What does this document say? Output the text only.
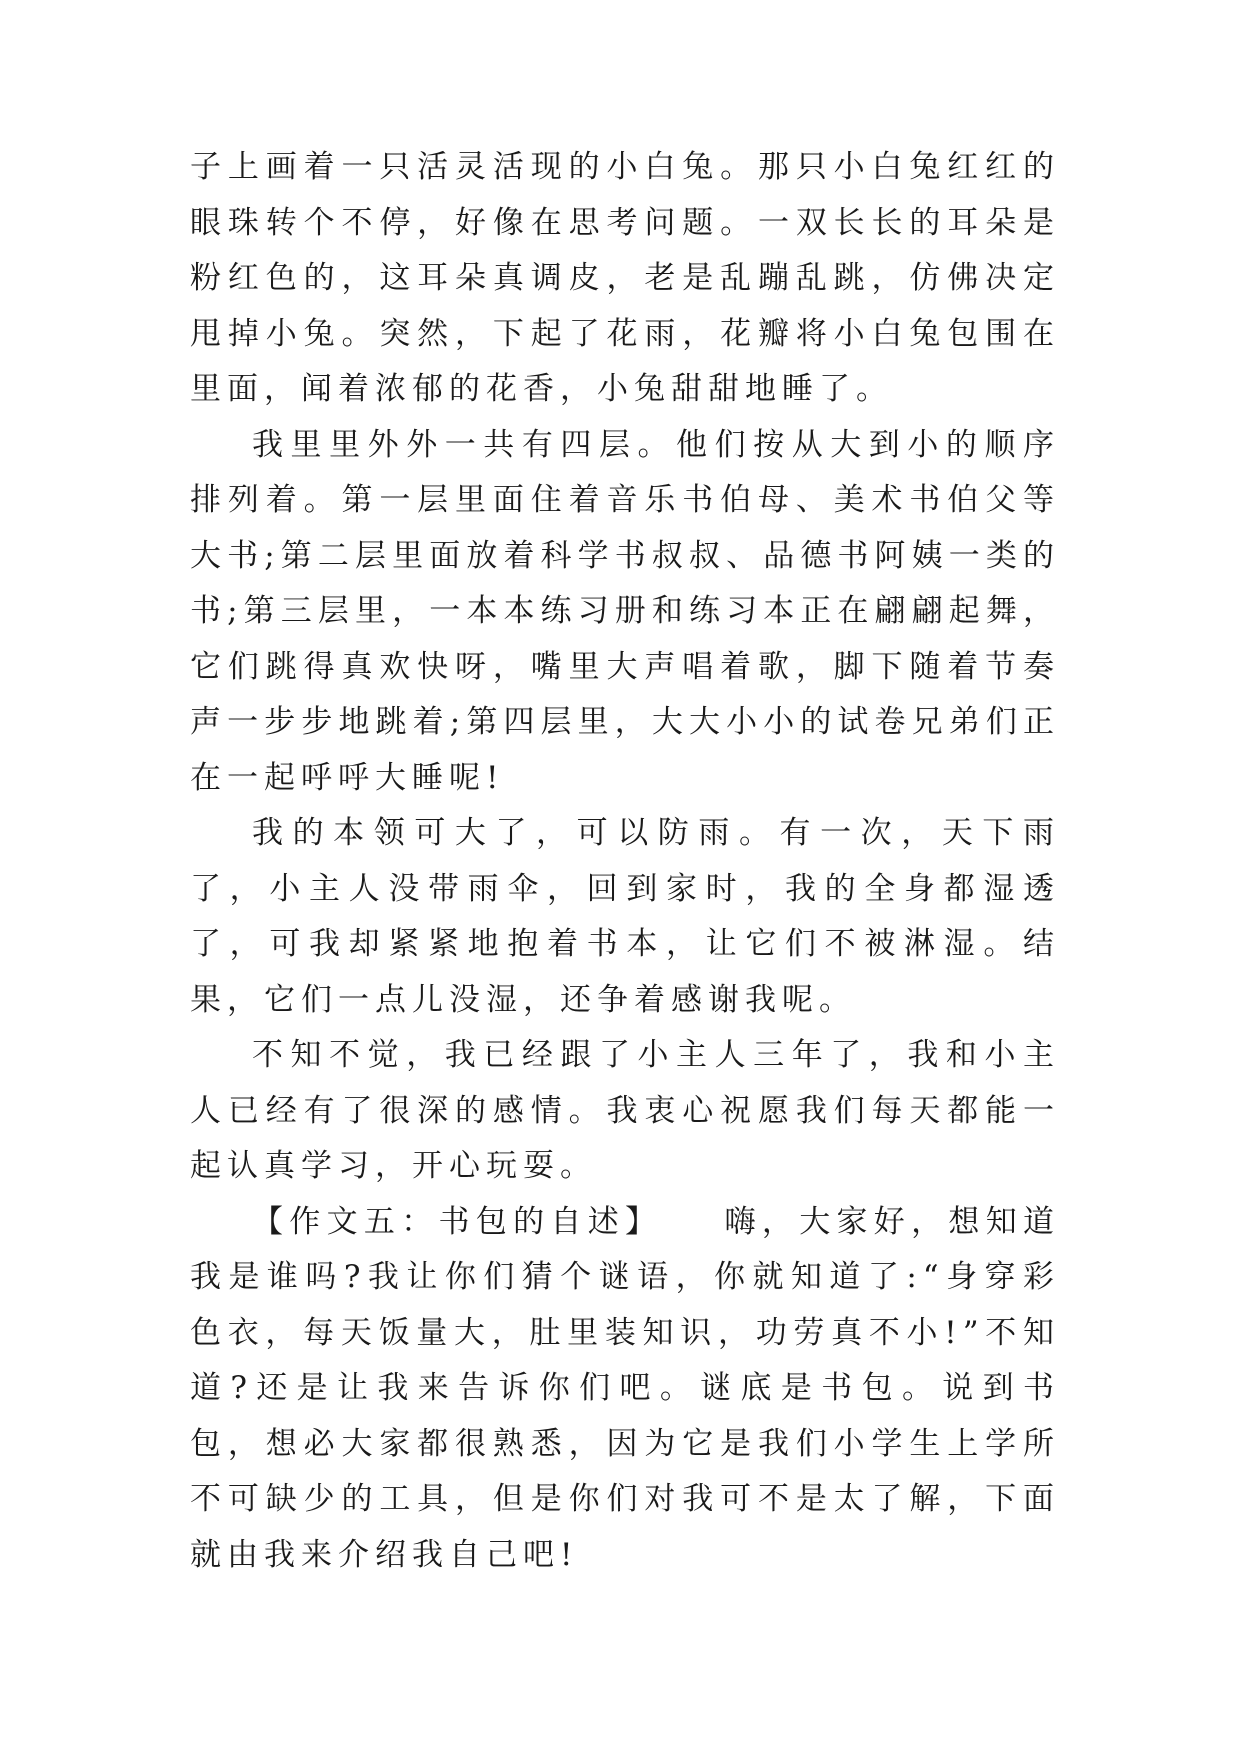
子上画着一只活灵活现的小白兔。那只小白兔红红的眼珠转个不停，好像在思考问题。一双长长的耳朵是粉红色的，这耳朵真调皮，老是乱蹦乱跳，仿佛决定甩掉小兔。突然，下起了花雨，花瓣将小白兔包围在里面，闻着浓郁的花香，小兔甜甜地睡了。

我里里外外一共有四层。他们按从大到小的顺序排列着。第一层里面住着音乐书伯母、美术书伯父等大书;第二层里面放着科学书叔叔、品德书阿姨一类的书;第三层里，一本本练习册和练习本正在翩翩起舞，它们跳得真欢快呀，嘴里大声唱着歌，脚下随着节奏声一步步地跳着;第四层里，大大小小的试卷兄弟们正在一起呼呼大睡呢!

我的本领可大了，可以防雨。有一次，天下雨了，小主人没带雨伞，回到家时，我的全身都湿透了，可我却紧紧地抱着书本，让它们不被淋湿。结果，它们一点儿没湿，还争着感谢我呢。

不知不觉，我已经跟了小主人三年了，我和小主人已经有了很深的感情。我衷心祝愿我们每天都能一起认真学习，开心玩耍。

【作文五：书包的自述】 嗨，大家好，想知道我是谁吗?我让你们猜个谜语，你就知道了:“身穿彩色衣，每天饭量大，肚里装知识，功劳真不小!”不知道?还是让我来告诉你们吧。谜底是书包。说到书包，想必大家都很熟悉，因为它是我们小学生上学所不可缺少的工具，但是你们对我可不是太了解，下面就由我来介绍我自己吧!
